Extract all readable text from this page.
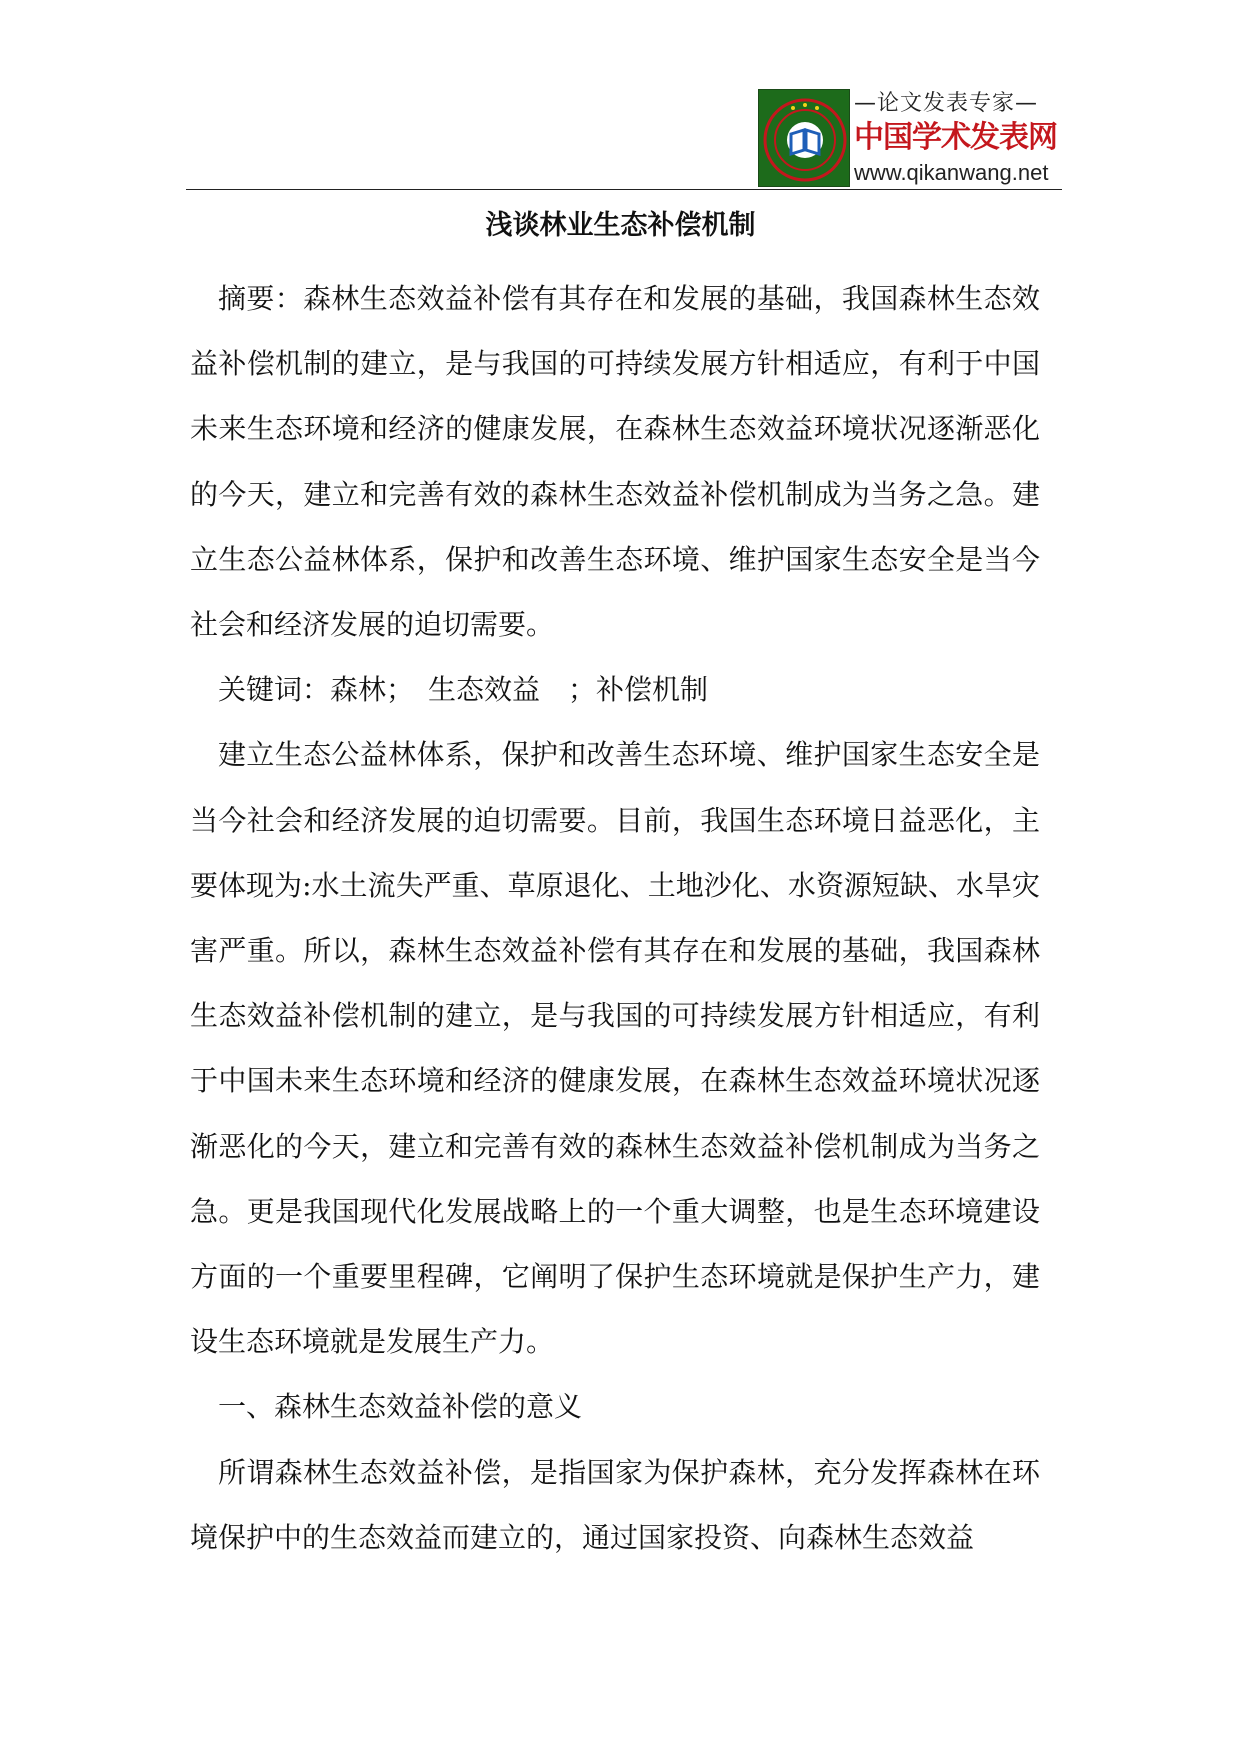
—论文发表专家—
中国学术发表网
www.qikanwang.net
浅谈林业生态补偿机制

摘要：森林生态效益补偿有其存在和发展的基础，我国森林生态效益补偿机制的建立，是与我国的可持续发展方针相适应，有利于中国未来生态环境和经济的健康发展，在森林生态效益环境状况逐渐恶化的今天，建立和完善有效的森林生态效益补偿机制成为当务之急。建立生态公益林体系，保护和改善生态环境、维护国家生态安全是当今社会和经济发展的迫切需要。

关键词：森林；　生态效益　；补偿机制

建立生态公益林体系，保护和改善生态环境、维护国家生态安全是当今社会和经济发展的迫切需要。目前，我国生态环境日益恶化，主要体现为:水土流失严重、草原退化、土地沙化、水资源短缺、水旱灾害严重。所以，森林生态效益补偿有其存在和发展的基础，我国森林生态效益补偿机制的建立，是与我国的可持续发展方针相适应，有利于中国未来生态环境和经济的健康发展，在森林生态效益环境状况逐渐恶化的今天，建立和完善有效的森林生态效益补偿机制成为当务之急。更是我国现代化发展战略上的一个重大调整，也是生态环境建设方面的一个重要里程碑，它阐明了保护生态环境就是保护生产力，建设生态环境就是发展生产力。

一、森林生态效益补偿的意义

所谓森林生态效益补偿，是指国家为保护森林，充分发挥森林在环境保护中的生态效益而建立的，通过国家投资、向森林生态效益
